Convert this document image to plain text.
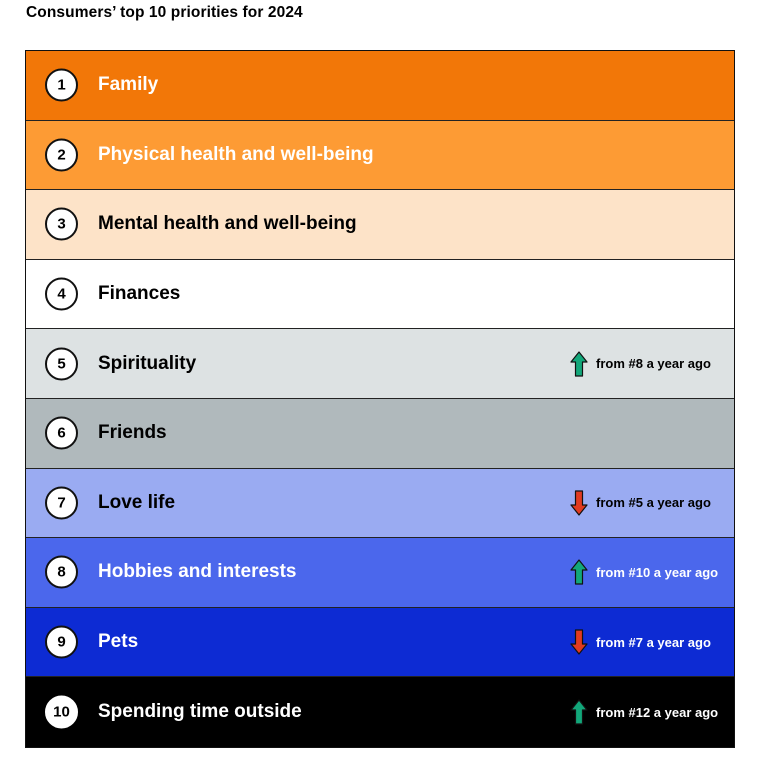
Consumers’ top 10 priorities for 2024
1	Family
2	Physical health and well-being
3	Mental health and well-being
4	Finances
5	Spirituality	from #8 a year ago
6	Friends
7	Love life	from #5 a year ago
8	Hobbies and interests	from #10 a year ago
9	Pets	from #7 a year ago
10	Spending time outside	from #12 a year ago
